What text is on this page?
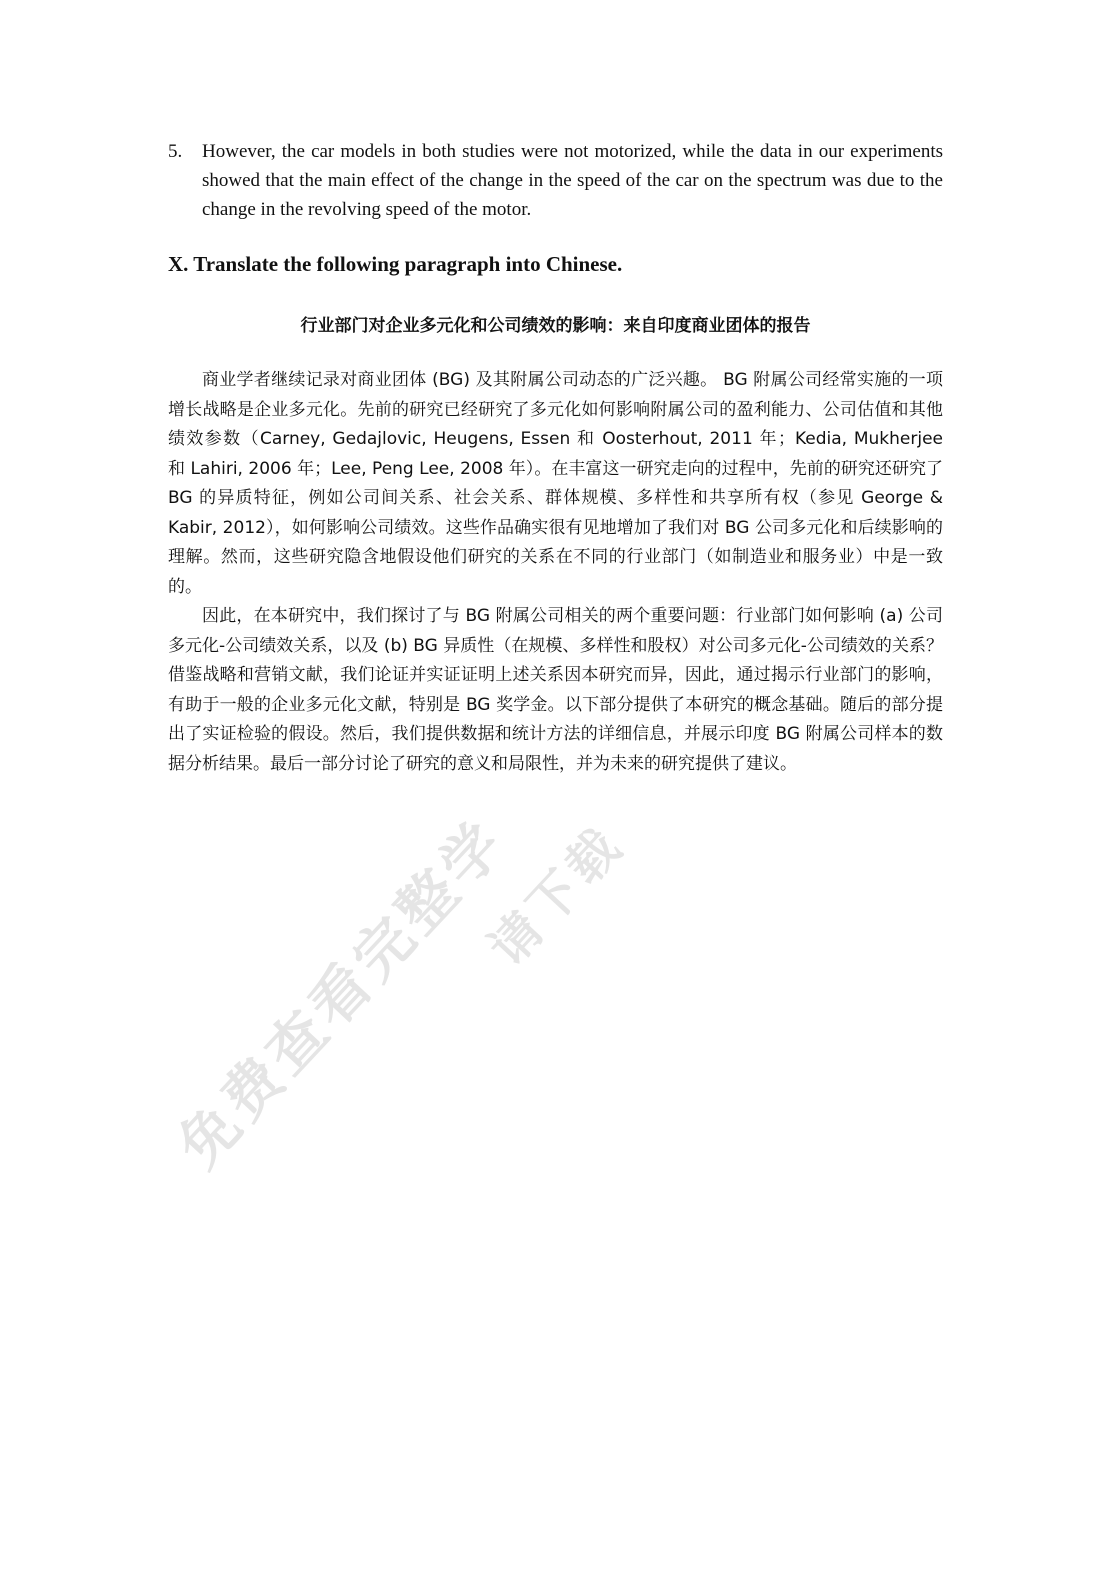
免费查看完整学
请下载
5.	However, the car models in both studies were not motorized, while the data in our experiments showed that the main effect of the change in the speed of the car on the spectrum was due to the change in the revolving speed of the motor.
X. Translate the following paragraph into Chinese.
行业部门对企业多元化和公司绩效的影响：来自印度商业团体的报告

商业学者继续记录对商业团体 (BG) 及其附属公司动态的广泛兴趣。 BG 附属公司经常实施的一项增长战略是企业多元化。先前的研究已经研究了多元化如何影响附属公司的盈利能力、公司估值和其他绩效参数（Carney, Gedajlovic, Heugens, Essen 和 Oosterhout, 2011 年；Kedia, Mukherjee 和 Lahiri, 2006 年；Lee, Peng Lee, 2008 年）。在丰富这一研究走向的过程中，先前的研究还研究了 BG 的异质特征，例如公司间关系、社会关系、群体规模、多样性和共享所有权（参见 George & Kabir, 2012），如何影响公司绩效。这些作品确实很有见地增加了我们对 BG 公司多元化和后续影响的理解。然而，这些研究隐含地假设他们研究的关系在不同的行业部门（如制造业和服务业）中是一致的。

因此，在本研究中，我们探讨了与 BG 附属公司相关的两个重要问题：行业部门如何影响 (a) 公司多元化-公司绩效关系，以及 (b) BG 异质性（在规模、多样性和股权）对公司多元化-公司绩效的关系？借鉴战略和营销文献，我们论证并实证证明上述关系因本研究而异，因此，通过揭示行业部门的影响，有助于一般的企业多元化文献，特别是 BG 奖学金。以下部分提供了本研究的概念基础。随后的部分提出了实证检验的假设。然后，我们提供数据和统计方法的详细信息，并展示印度 BG 附属公司样本的数据分析结果。最后一部分讨论了研究的意义和局限性，并为未来的研究提供了建议。
